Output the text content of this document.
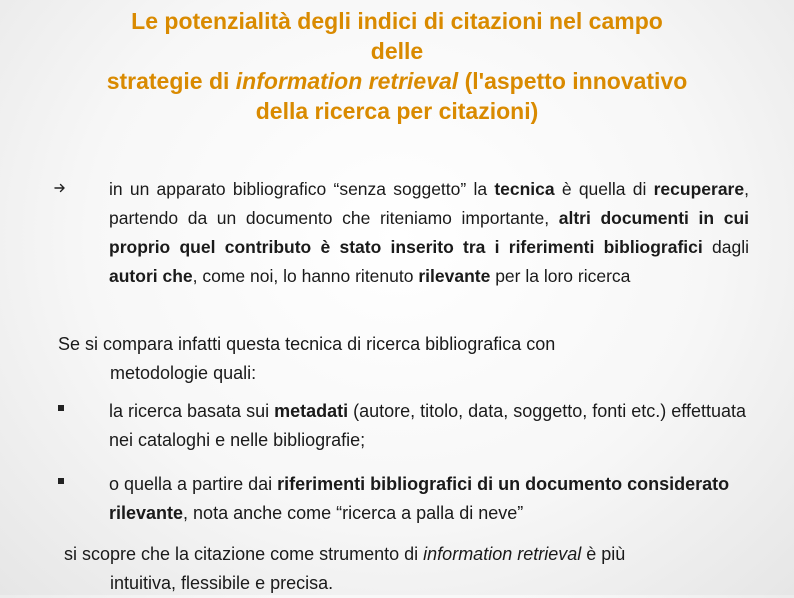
Le potenzialità degli indici di citazioni nel campo
delle
strategie di information retrieval (l'aspetto innovativo
della ricerca per citazioni)
in un apparato bibliografico “senza soggetto” la tecnica è quella di recuperare, partendo da un documento che riteniamo importante, altri documenti in cui proprio quel contributo è stato inserito tra i riferimenti bibliografici dagli autori che, come noi, lo hanno ritenuto rilevante per la loro ricerca
Se si compara infatti questa tecnica di ricerca bibliografica con
metodologie quali:
la ricerca basata sui metadati (autore, titolo, data, soggetto, fonti etc.) effettuata nei cataloghi e nelle bibliografie;
o quella a partire dai riferimenti bibliografici di un documento considerato rilevante, nota anche come “ricerca a palla di neve”
si scopre che la citazione come strumento di information retrieval è più
intuitiva, flessibile e precisa.
